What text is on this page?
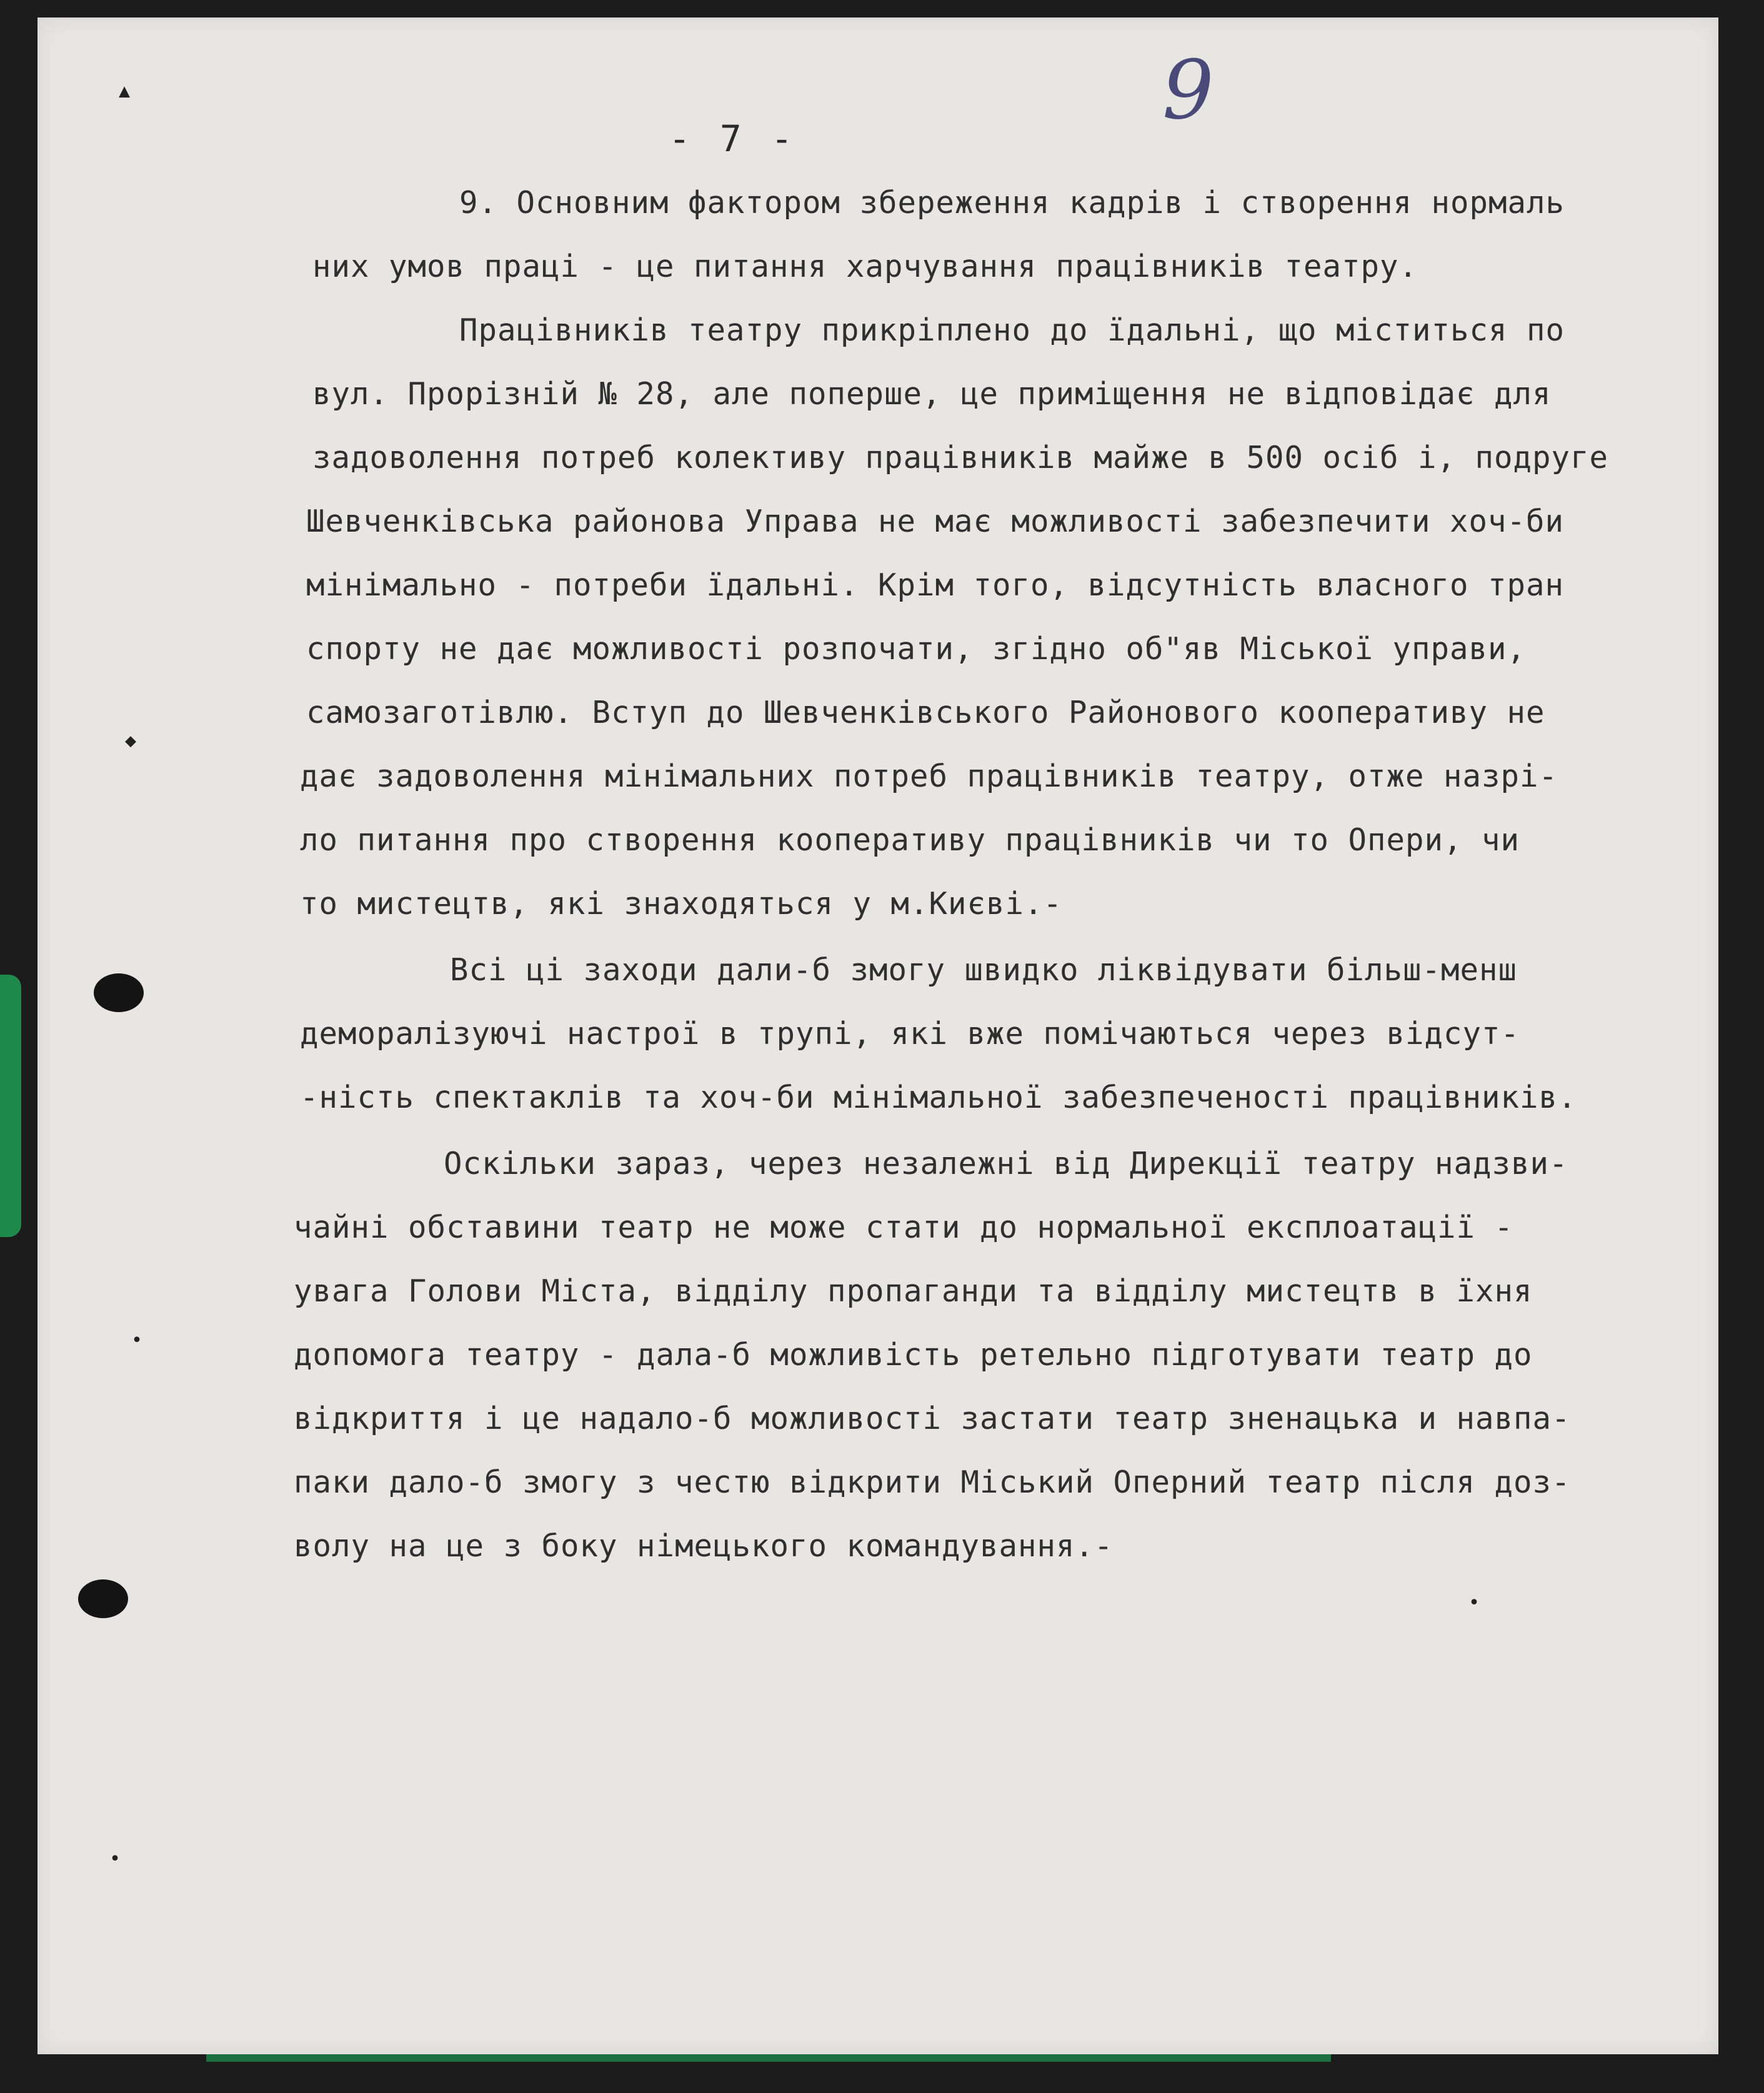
▲
◆
•
•
•
9
- 7 -
9. Основним фактором збереження кадрів і створення нормаль
них умов праці - це питання харчування працівників театру.
Працівників театру прикріплено до їдальні, що міститься по
вул. Прорізній № 28, але поперше, це приміщення не відповідає для
задоволення потреб колективу працівників майже в 500 осіб і, подруге
Шевченківська районова Управа не має можливості забезпечити хоч-би
мінімально - потреби їдальні. Крім того, відсутність власного тран
спорту не дає можливості розпочати, згідно об"яв Міської управи,
самозаготівлю. Вступ до Шевченківського Районового кооперативу не
дає задоволення мінімальних потреб працівників театру, отже назрі-
ло питання про створення кооперативу працівників чи то Опери, чи
то мистецтв, які знаходяться у м.Києві.-
Всі ці заходи дали-б змогу швидко ліквідувати більш-менш
деморалізуючі настрої в трупі, які вже помічаються через відсут-
-ність спектаклів та хоч-би мінімальної забезпеченості працівників.
Оскільки зараз, через незалежні від Дирекції театру надзви-
чайні обставини театр не може стати до нормальної експлоатації -
увага Голови Міста, відділу пропаганди та відділу мистецтв в їхня
допомога театру - дала-б можливість ретельно підготувати театр до
відкриття і це надало-б можливості застати театр зненацька и навпа-
паки дало-б змогу з честю відкрити Міський Оперний театр після доз-
волу на це з боку німецького командування.-
